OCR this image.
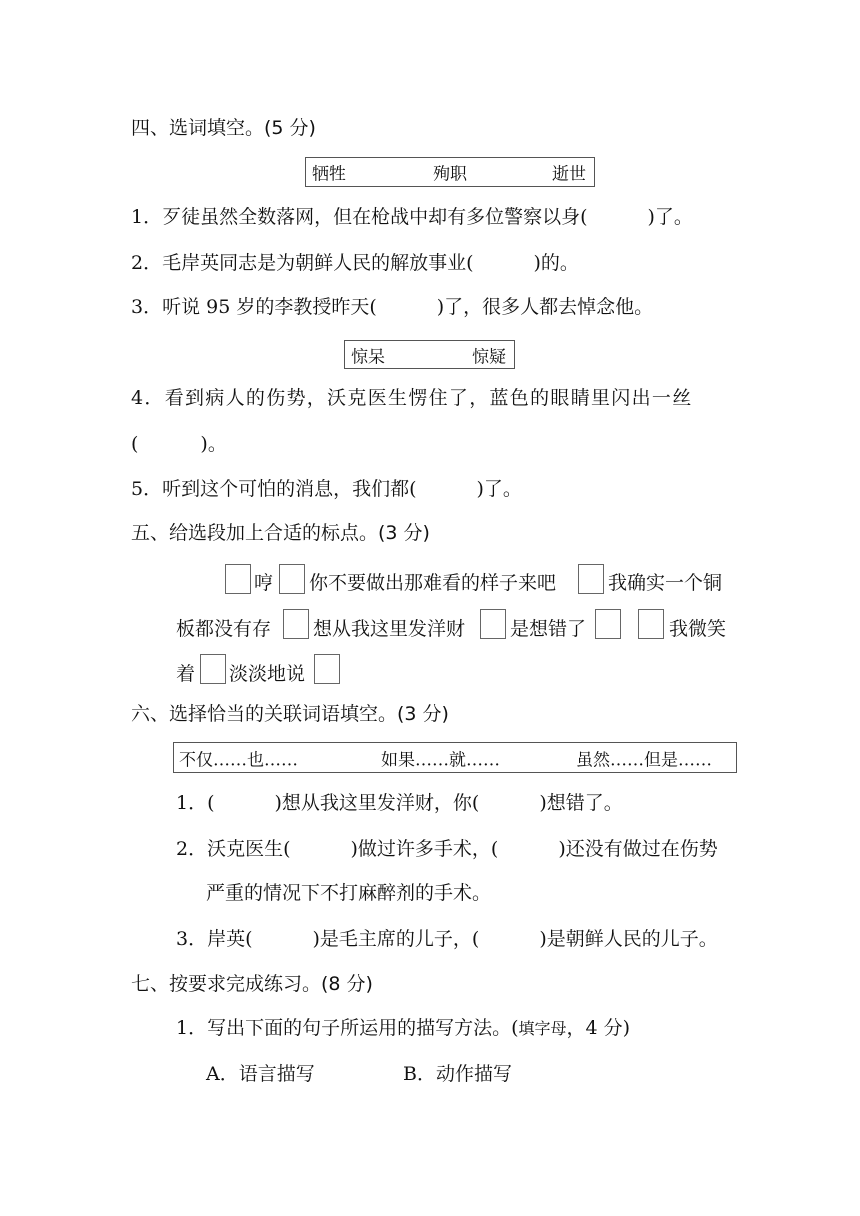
四、选词填空。(5 分)
牺牲	殉职	逝世
1．歹徒虽然全数落网，但在枪战中却有多位警察以身(	)了。
2．毛岸英同志是为朝鲜人民的解放事业(	)的。
3．听说 95 岁的李教授昨天(	)了，很多人都去悼念他。
惊呆	惊疑
4．看到病人的伤势，沃克医生愣住了，蓝色的眼睛里闪出一丝
(	)。
5．听到这个可怕的消息，我们都(	)了。
五、给选段加上合适的标点。(3 分)
哼 你不要做出那难看的样子来吧	我确实一个铜
板都没有存 想从我这里发洋财 是想错了	我微笑
着 淡淡地说
六、选择恰当的关联词语填空。(3 分)
不仅……也……	如果……就……	虽然……但是……
1．(	)想从我这里发洋财，你(	)想错了。
2．沃克医生(	)做过许多手术，(	)还没有做过在伤势
严重的情况下不打麻醉剂的手术。
3．岸英(	)是毛主席的儿子，(	)是朝鲜人民的儿子。
七、按要求完成练习。(8 分)
1．写出下面的句子所运用的描写方法。(填字母，4 分)
A．语言描写	B．动作描写
